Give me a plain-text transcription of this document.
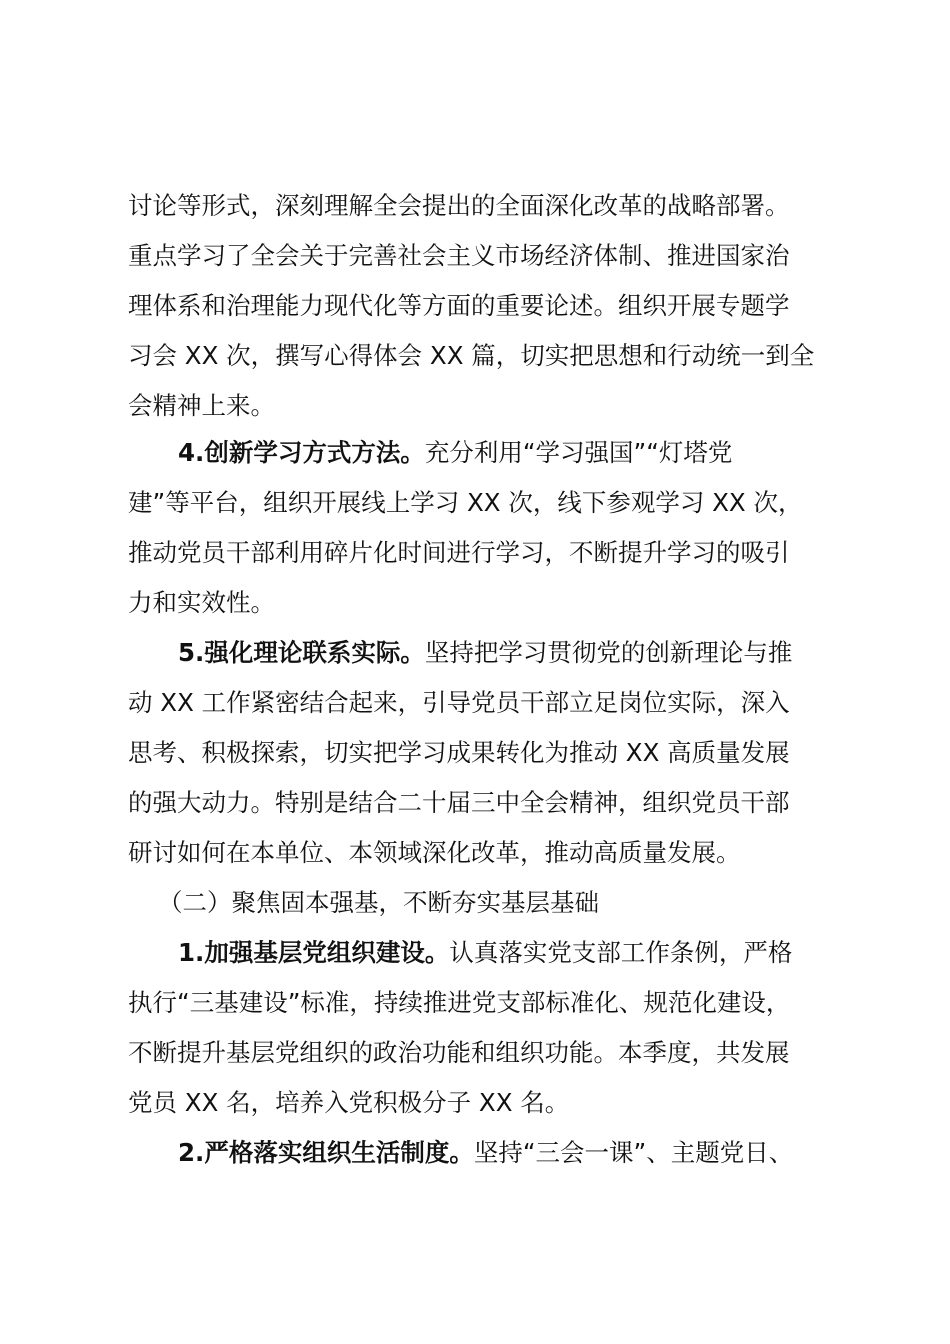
讨论等形式，深刻理解全会提出的全面深化改革的战略部署。
重点学习了全会关于完善社会主义市场经济体制、推进国家治
理体系和治理能力现代化等方面的重要论述。组织开展专题学
习会 XX 次，撰写心得体会 XX 篇，切实把思想和行动统一到全
会精神上来。
4.创新学习方式方法。充分利用“学习强国”“灯塔党
建”等平台，组织开展线上学习 XX 次，线下参观学习 XX 次，
推动党员干部利用碎片化时间进行学习，不断提升学习的吸引
力和实效性。
5.强化理论联系实际。坚持把学习贯彻党的创新理论与推
动 XX 工作紧密结合起来，引导党员干部立足岗位实际，深入
思考、积极探索，切实把学习成果转化为推动 XX 高质量发展
的强大动力。特别是结合二十届三中全会精神，组织党员干部
研讨如何在本单位、本领域深化改革，推动高质量发展。
（二）聚焦固本强基，不断夯实基层基础
1.加强基层党组织建设。认真落实党支部工作条例，严格
执行“三基建设”标准，持续推进党支部标准化、规范化建设，
不断提升基层党组织的政治功能和组织功能。本季度，共发展
党员 XX 名，培养入党积极分子 XX 名。
2.严格落实组织生活制度。坚持“三会一课”、主题党日、
